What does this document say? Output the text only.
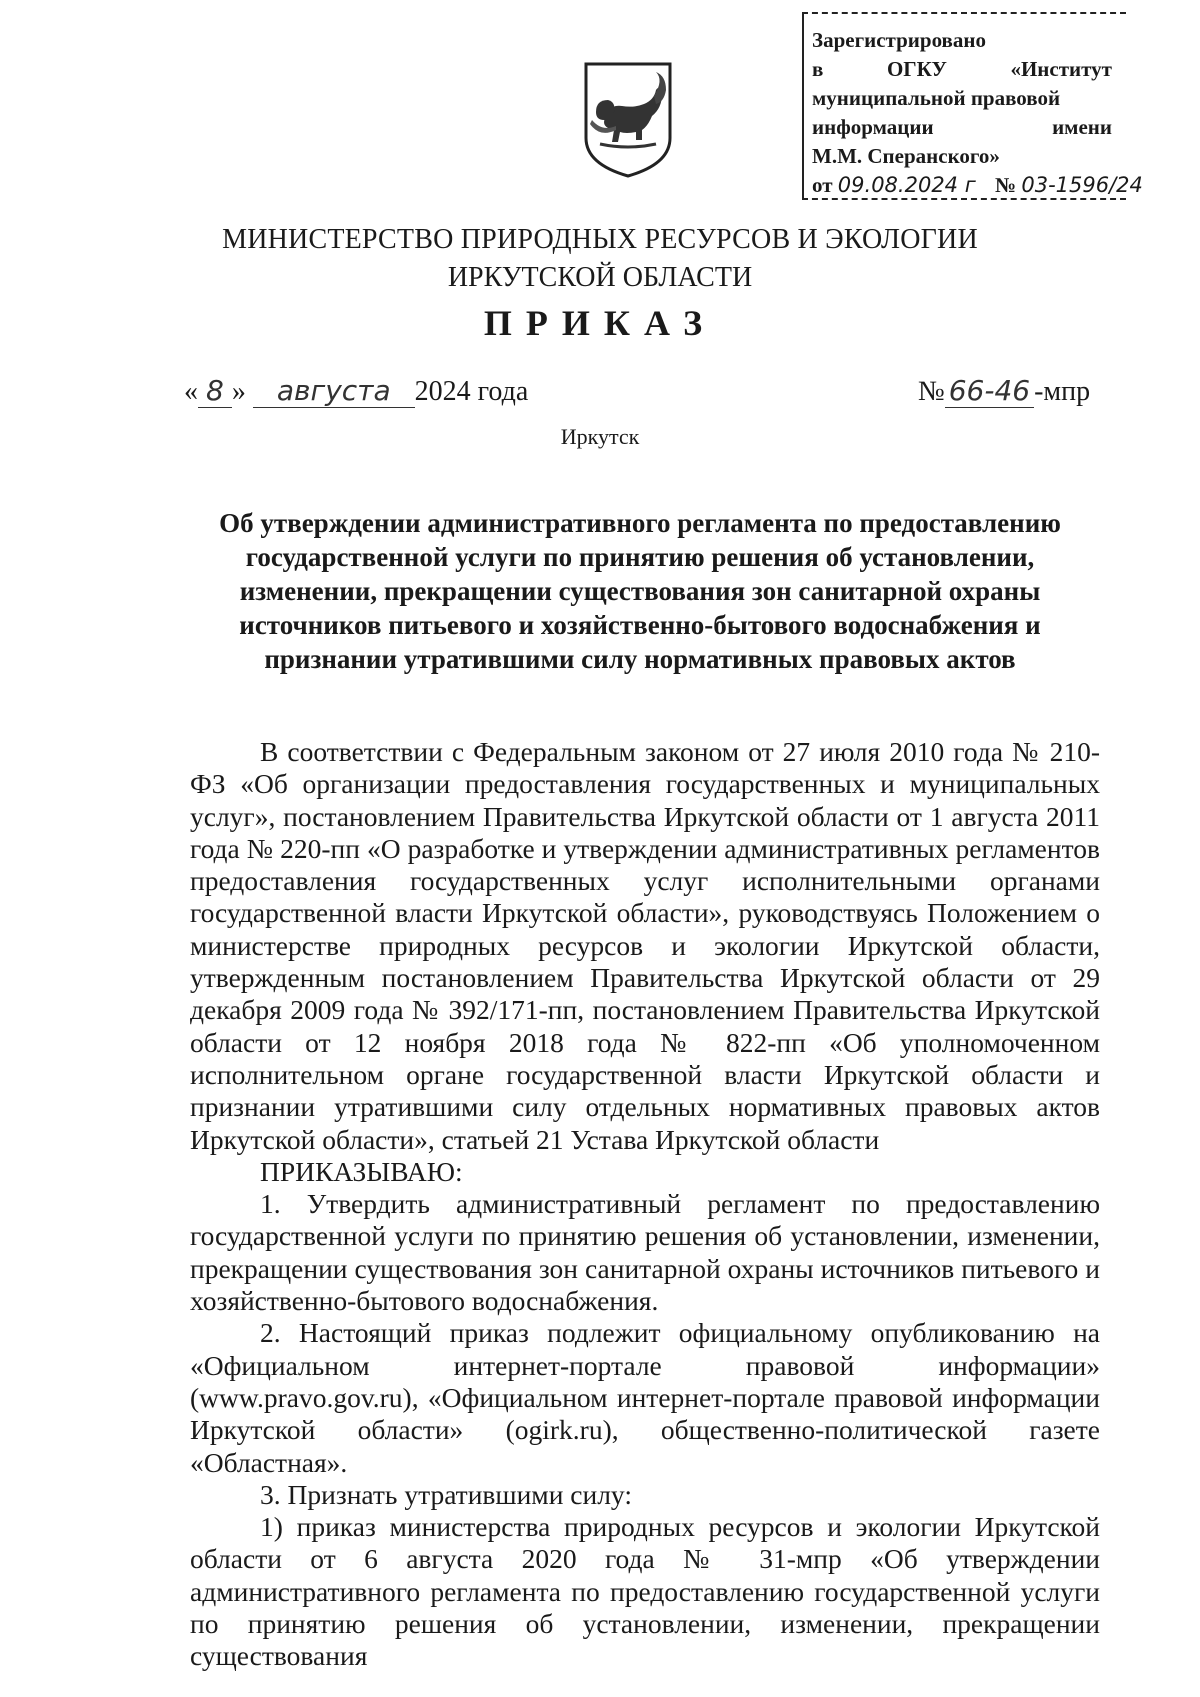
Зарегистрировано
в	ОГКУ	«Институт
муниципальной правовой
информации	имени
М.М. Сперанского»
от 09.08.2024 г № 03-1596/24
МИНИСТЕРСТВО ПРИРОДНЫХ РЕСУРСОВ И ЭКОЛОГИИ
ИРКУТСКОЙ ОБЛАСТИ
ПРИКАЗ
« 8 » августа 2024 года	№ 66-46 -мпр
Иркутск
Об утверждении административного регламента по предоставлению государственной услуги по принятию решения об установлении, изменении, прекращении существования зон санитарной охраны источников питьевого и хозяйственно-бытового водоснабжения и признании утратившими силу нормативных правовых актов

В соответствии с Федеральным законом от 27 июля 2010 года № 210-ФЗ «Об организации предоставления государственных и муниципальных услуг», постановлением Правительства Иркутской области от 1 августа 2011 года № 220-пп «О разработке и утверждении административных регламентов предоставления государственных услуг исполнительными органами государственной власти Иркутской области», руководствуясь Положением о министерстве природных ресурсов и экологии Иркутской области, утвержденным постановлением Правительства Иркутской области от 29 декабря 2009 года № 392/171-пп, постановлением Правительства Иркутской области от 12 ноября 2018 года № 822-пп «Об уполномоченном исполнительном органе государственной власти Иркутской области и признании утратившими силу отдельных нормативных правовых актов Иркутской области», статьей 21 Устава Иркутской области

ПРИКАЗЫВАЮ:

1. Утвердить административный регламент по предоставлению государственной услуги по принятию решения об установлении, изменении, прекращении существования зон санитарной охраны источников питьевого и хозяйственно-бытового водоснабжения.

2. Настоящий приказ подлежит официальному опубликованию на «Официальном интернет-портале правовой информации» (www.pravo.gov.ru), «Официальном интернет-портале правовой информации Иркутской области» (ogirk.ru), общественно-политической газете «Областная».

3. Признать утратившими силу:

1) приказ министерства природных ресурсов и экологии Иркутской области от 6 августа 2020 года № 31-мпр «Об утверждении административного регламента по предоставлению государственной услуги по принятию решения об установлении, изменении, прекращении существования
